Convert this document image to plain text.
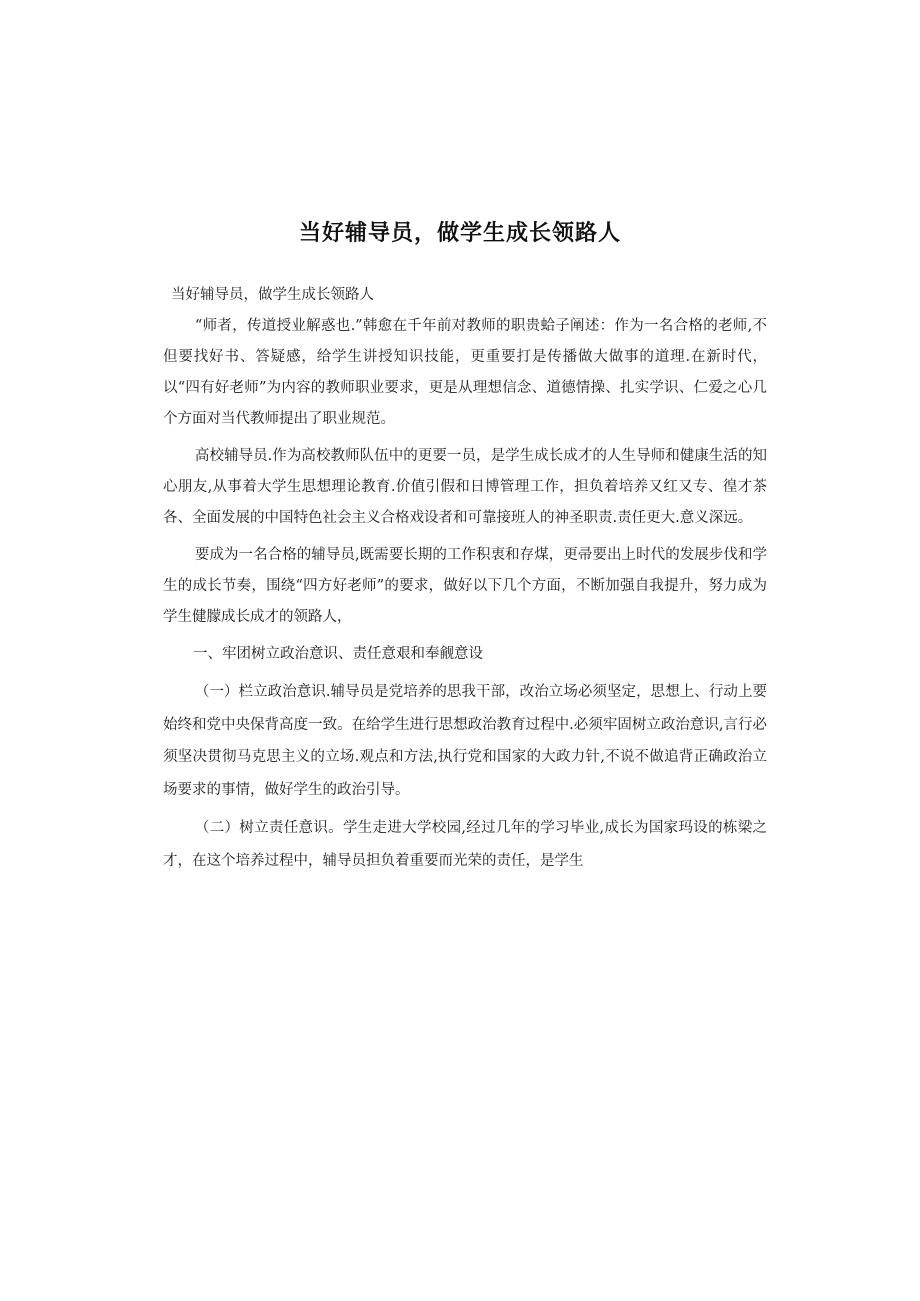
当好辅导员，做学生成长领路人

当好辅导员，做学生成长领路人

“师者，传道授业解惑也.”韩愈在千年前对教师的职贵蛤子阐述：作为一名合格的老师,不但要找好书、答疑感，给学生讲授知识技能，更重要打是传播做大做事的道理.在新时代，以“四有好老师”为内容的教师职业要求，更是从理想信念、道德情操、扎实学识、仁爱之心几个方面对当代教师提出了职业规范。

高校辅导员.作为高校教师队伍中的更要一员，是学生成长成才的人生导师和健康生活的知心朋友,从事着大学生思想理论教育.价值引假和日博管理工作，担负着培养又红又专、徨才茶各、全面发展的中国特色社会主义合格戏设者和可靠接班人的神圣职责.责任更大.意义深远。

要成为一名合格的辅导员,既需要长期的工作积衷和存煤，更帚要出上时代的发展步伐和学生的成长节奏，围绕“四方好老师”的要求，做好以下几个方面，不断加强自我提升，努力成为学生健朦成长成才的领路人，

一、牢团树立政治意识、责任意艰和奉觎意设

（一）栏立政治意识.辅导员是党培养的思我干部，改治立场必须坚定，思想上、行动上要始终和党中央保背高度一致。在给学生进行思想政治教育过程中.必须牢固树立政治意识,言行必须坚决贯彻马克思主义的立场.观点和方法,执行党和国家的大政力针,不说不做追背正确政治立场要求的事情，做好学生的政治引导。

（二）树立责任意识。学生走进大学校园,经过几年的学习毕业,成长为国家玛设的栋梁之才，在这个培养过程中，辅导员担负着重要而光荣的责任，是学生
